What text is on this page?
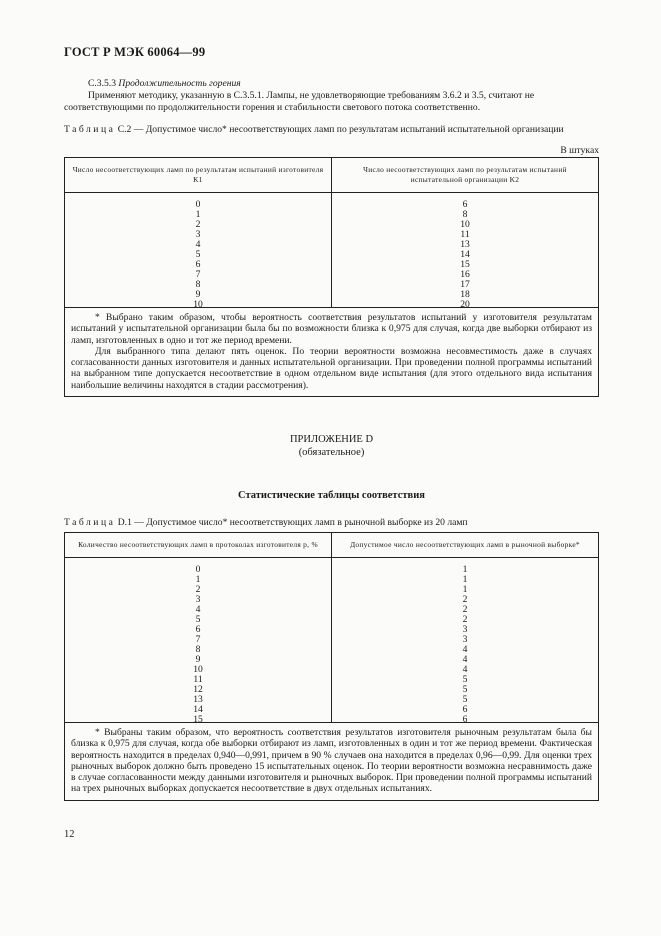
ГОСТ Р МЭК 60064—99
С.3.5.3 Продолжительность горения
Применяют методику, указанную в С.3.5.1. Лампы, не удовлетворяющие требованиям 3.6.2 и 3.5, считают не соответствующими по продолжительности горения и стабильности светового потока соответственно.
Таблица С.2 — Допустимое число* несоответствующих ламп по результатам испытаний испытательной организации
В штуках
Число несоответствующих ламп по результатам испытаний изготовителя K1
Число несоответствующих ламп по результатам испытаний испытательной организации K2
0
1
2
3
4
5
6
7
8
9
10
6
8
10
11
13
14
15
16
17
18
20

* Выбрано таким образом, чтобы вероятность соответствия результатов испытаний у изготовителя результатам испытаний у испытательной организации была бы по возможности близка к 0,975 для случая, когда две выборки отбирают из ламп, изготовленных в одно и тот же период времени.

Для выбранного типа делают пять оценок. По теории вероятности возможна несовместимость даже в случаях согласованности данных изготовителя и данных испытательной организации. При проведении полной программы испытаний на выбранном типе допускается несоответствие в одном отдельном виде испытания (для этого отдельного вида испытания наибольшие величины находятся в стадии рассмотрения).

ПРИЛОЖЕНИЕ D
(обязательное)
Статистические таблицы соответствия
Таблица D.1 — Допустимое число* несоответствующих ламп в рыночной выборке из 20 ламп
Количество несоответствующих ламп в протоколах изготовителя p, %	Допустимое число несоответствующих ламп в рыночной выборке*
0
1
2
3
4
5
6
7
8
9
10
11
12
13
14
15
1
1
1
2
2
2
3
3
4
4
4
5
5
5
6
6

* Выбраны таким образом, что вероятность соответствия результатов изготовителя рыночным результатам была бы близка к 0,975 для случая, когда обе выборки отбирают из ламп, изготовленных в один и тот же период времени. Фактическая вероятность находится в пределах 0,940—0,991, причем в 90 % случаев она находится в пределах 0,96—0,99. Для оценки трех рыночных выборок должно быть проведено 15 испытательных оценок. По теории вероятности возможна несравнимость даже в случае согласованности между данными изготовителя и рыночных выборок. При проведении полной программы испытаний на трех рыночных выборках допускается несоответствие в двух отдельных испытаниях.

12
